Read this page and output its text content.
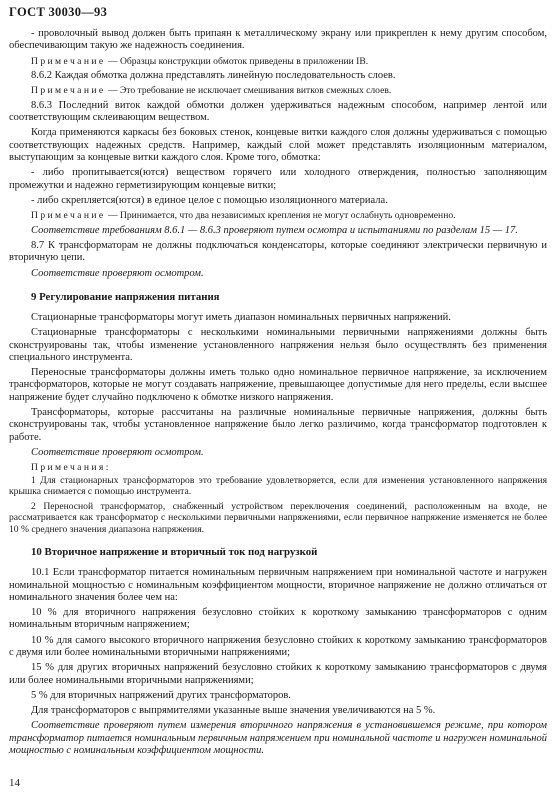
ГОСТ 30030—93
- проволочный вывод должен быть припаян к металлическому экрану или прикреплен к нему другим способом, обеспечивающим такую же надежность соединения.
Примечание — Образцы конструкции обмоток приведены в приложении IB.
8.6.2 Каждая обмотка должна представлять линейную последовательность слоев.
Примечание — Это требование не исключает смешивания витков смежных слоев.
8.6.3 Последний виток каждой обмотки должен удерживаться надежным способом, например лентой или соответствующим склеивающим веществом.
Когда применяются каркасы без боковых стенок, концевые витки каждого слоя должны удерживаться с помощью соответствующих надежных средств. Например, каждый слой может представлять изоляционным материалом, выступающим за концевые витки каждого слоя. Кроме того, обмотка:
- либо пропитывается(ются) веществом горячего или холодного отверждения, полностью заполняющим промежутки и надежно герметизирующим концевые витки;
- либо скрепляется(ются) в единое целое с помощью изоляционного материала.
Примечание — Принимается, что два независимых крепления не могут ослабнуть одновременно.
Соответствие требованиям 8.6.1 — 8.6.3 проверяют путем осмотра и испытаниями по разделам 15 — 17.
8.7 К трансформаторам не должны подключаться конденсаторы, которые соединяют электрически первичную и вторичную цепи.
Соответствие проверяют осмотром.
9 Регулирование напряжения питания
Стационарные трансформаторы могут иметь диапазон номинальных первичных напряжений.
Стационарные трансформаторы с несколькими номинальными первичными напряжениями должны быть сконструированы так, чтобы изменение установленного напряжения нельзя было осуществлять без применения специального инструмента.
Переносные трансформаторы должны иметь только одно номинальное первичное напряжение, за исключением трансформаторов, которые не могут создавать напряжение, превышающее допустимые для него пределы, если высшее напряжение будет случайно подключено к обмотке низкого напряжения.
Трансформаторы, которые рассчитаны на различные номинальные первичные напряжения, должны быть сконструированы так, чтобы установленное напряжение было легко различимо, когда трансформатор подготовлен к работе.
Соответствие проверяют осмотром.
Примечания:
1 Для стационарных трансформаторов это требование удовлетворяется, если для изменения установленного напряжения крышка снимается с помощью инструмента.
2 Переносной трансформатор, снабженный устройством переключения соединений, расположенным на входе, не рассматривается как трансформатор с несколькими первичными напряжениями, если первичное напряжение изменяется не более 10 % среднего значения диапазона напряжения.
10 Вторичное напряжение и вторичный ток под нагрузкой
10.1 Если трансформатор питается номинальным первичным напряжением при номинальной частоте и нагружен номинальной мощностью с номинальным коэффициентом мощности, вторичное напряжение не должно отличаться от номинального значения более чем на:
10 % для вторичного напряжения безусловно стойких к короткому замыканию трансформаторов с одним номинальным вторичным напряжением;
10 % для самого высокого вторичного напряжения безусловно стойких к короткому замыканию трансформаторов с двумя или более номинальными вторичными напряжениями;
15 % для других вторичных напряжений безусловно стойких к короткому замыканию трансформаторов с двумя или более номинальными вторичными напряжениями;
5 % для вторичных напряжений других трансформаторов.
Для трансформаторов с выпрямителями указанные выше значения увеличиваются на 5 %.
Соответствие проверяют путем измерения вторичного напряжения в установившемся режиме, при котором трансформатор питается номинальным первичным напряжением при номинальной частоте и нагружен номинальной мощностью с номинальным коэффициентом мощности.
14
